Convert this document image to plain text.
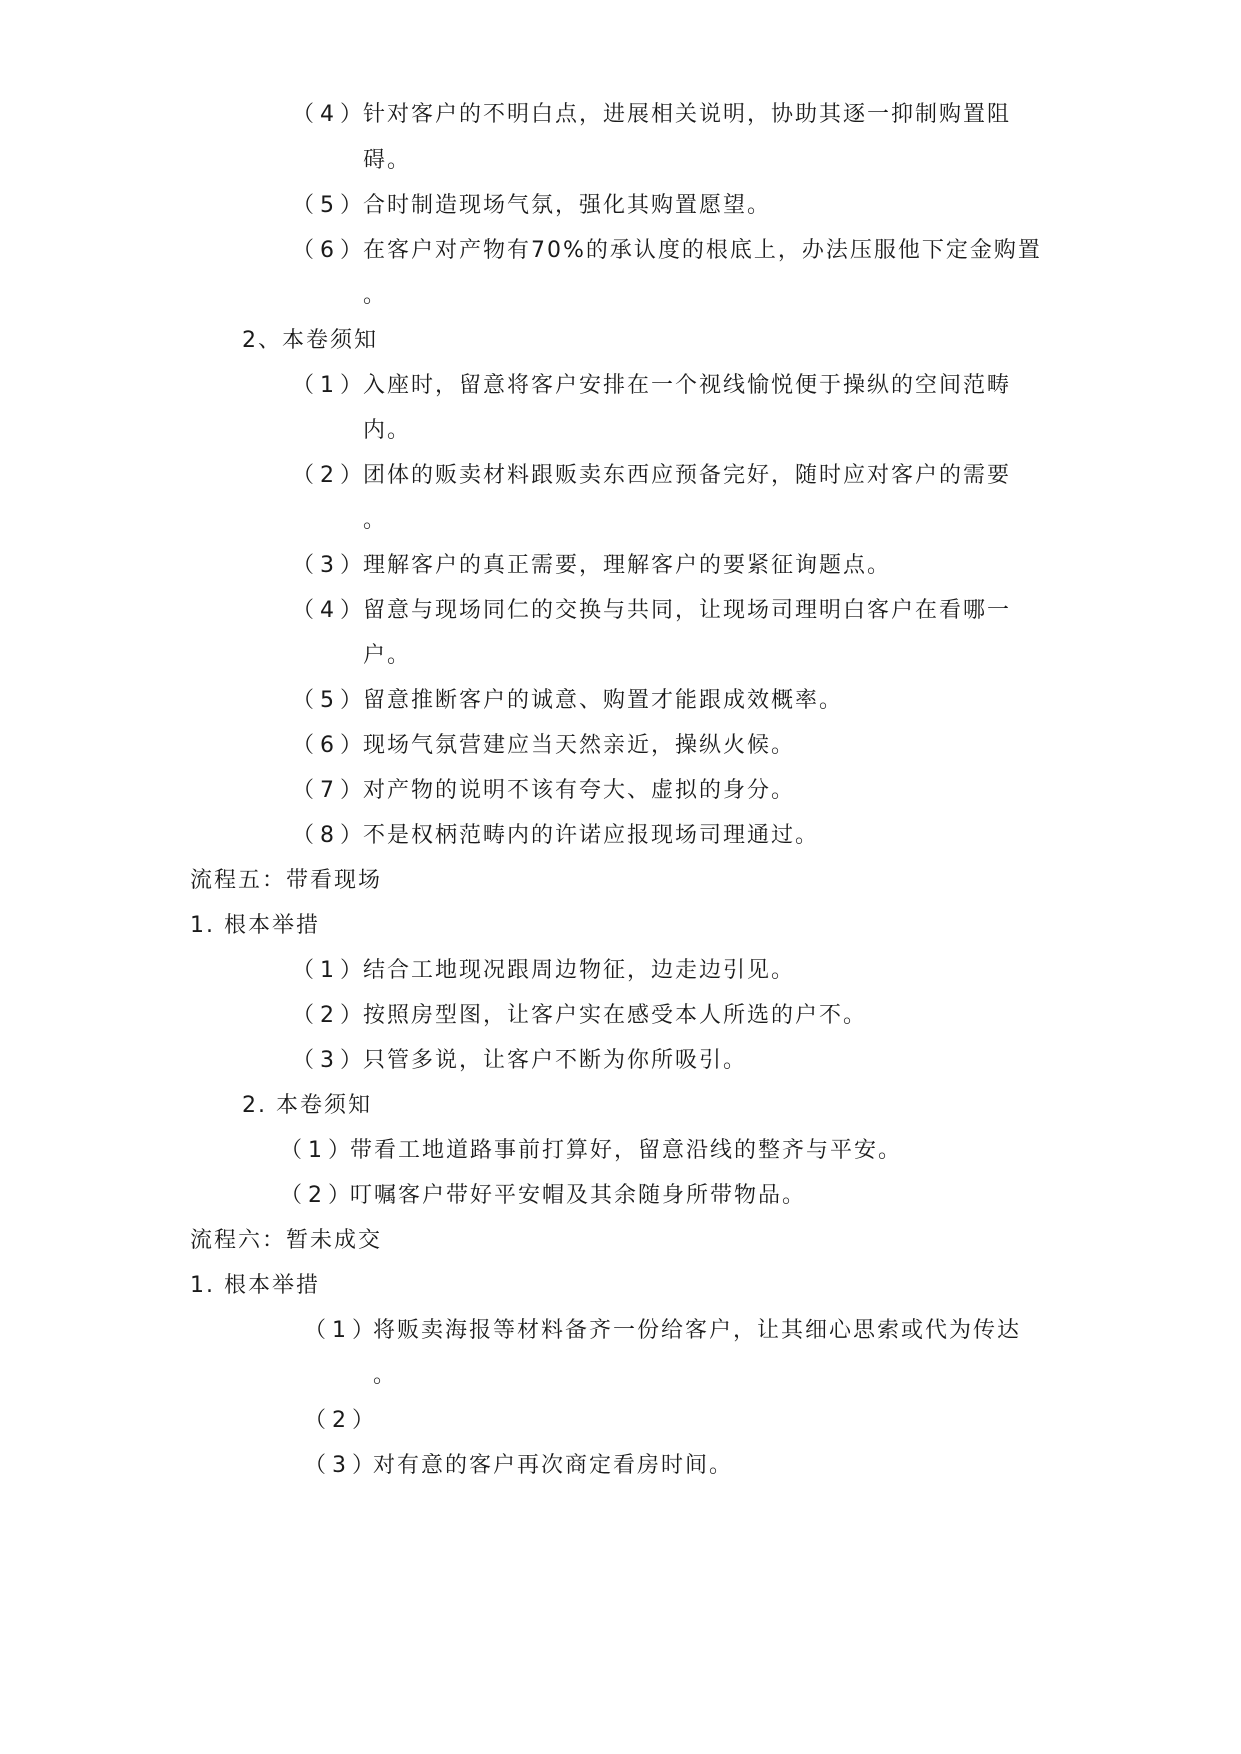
（4）
针对客户的不明白点，进展相关说明，协助其逐一抑制购置阻
碍。
（5）
合时制造现场气氛，强化其购置愿望。
（6）
在客户对产物有70%的承认度的根底上，办法压服他下定金购置
。
2、本卷须知
（1）
入座时，留意将客户安排在一个视线愉悦便于操纵的空间范畴
内。
（2）
团体的贩卖材料跟贩卖东西应预备完好，随时应对客户的需要
。
（3）
理解客户的真正需要，理解客户的要紧征询题点。
（4）
留意与现场同仁的交换与共同，让现场司理明白客户在看哪一
户。
（5）
留意推断客户的诚意、购置才能跟成效概率。
（6）
现场气氛营建应当天然亲近，操纵火候。
（7）
对产物的说明不该有夸大、虚拟的身分。
（8）
不是权柄范畴内的许诺应报现场司理通过。
流程五：带看现场
1. 根本举措
（1）
结合工地现况跟周边物征，边走边引见。
（2）
按照房型图，让客户实在感受本人所选的户不。
（3）
只管多说，让客户不断为你所吸引。
2. 本卷须知
（1）
带看工地道路事前打算好，留意沿线的整齐与平安。
（2）
叮嘱客户带好平安帽及其余随身所带物品。
流程六：暂未成交
1. 根本举措
（1）
将贩卖海报等材料备齐一份给客户，让其细心思索或代为传达
。
（2）
（3）
对有意的客户再次商定看房时间。
